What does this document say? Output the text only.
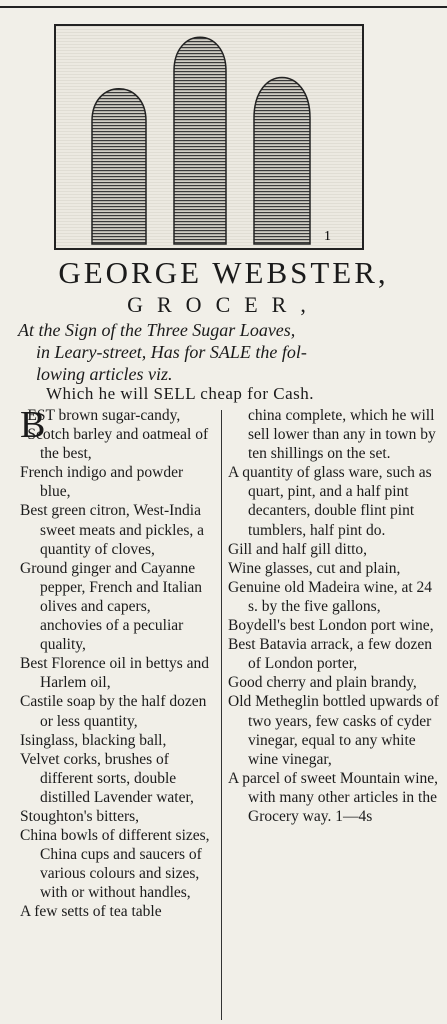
1
GEORGE WEBSTER,
GROCER,
At the Sign of the Three Sugar Loaves,
in Leary-street, Has for SALE the fol-
lowing articles viz.
Which he will SELL cheap for Cash.

B
EST brown sugar-candy,

Scotch barley and oatmeal of the best,

French indigo and powder blue,

Best green citron, West-India sweet meats and pickles, a quantity of cloves,

Ground ginger and Cayanne pepper, French and Italian olives and capers, anchovies of a peculiar quality,

Best Florence oil in bettys and Harlem oil,

Castile soap by the half dozen or less quantity,

Isinglass, blacking ball,

Velvet corks, brushes of different sorts, double distilled Lavender water,

Stoughton's bitters,

China bowls of different sizes, China cups and saucers of various colours and sizes, with or without handles,

A few setts of tea table

china complete, which he will sell lower than any in town by ten shillings on the set.

A quantity of glass ware, such as quart, pint, and a half pint decanters, double flint pint tumblers, half pint do.

Gill and half gill ditto,

Wine glasses, cut and plain,

Genuine old Madeira wine, at 24 s. by the five gallons,

Boydell's best London port wine,

Best Batavia arrack, a few dozen of London porter,

Good cherry and plain brandy,

Old Metheglin bottled upwards of two years, few casks of cyder vinegar, equal to any white wine vinegar,

A parcel of sweet Mountain wine, with many other articles in the Grocery way. 1—4s
